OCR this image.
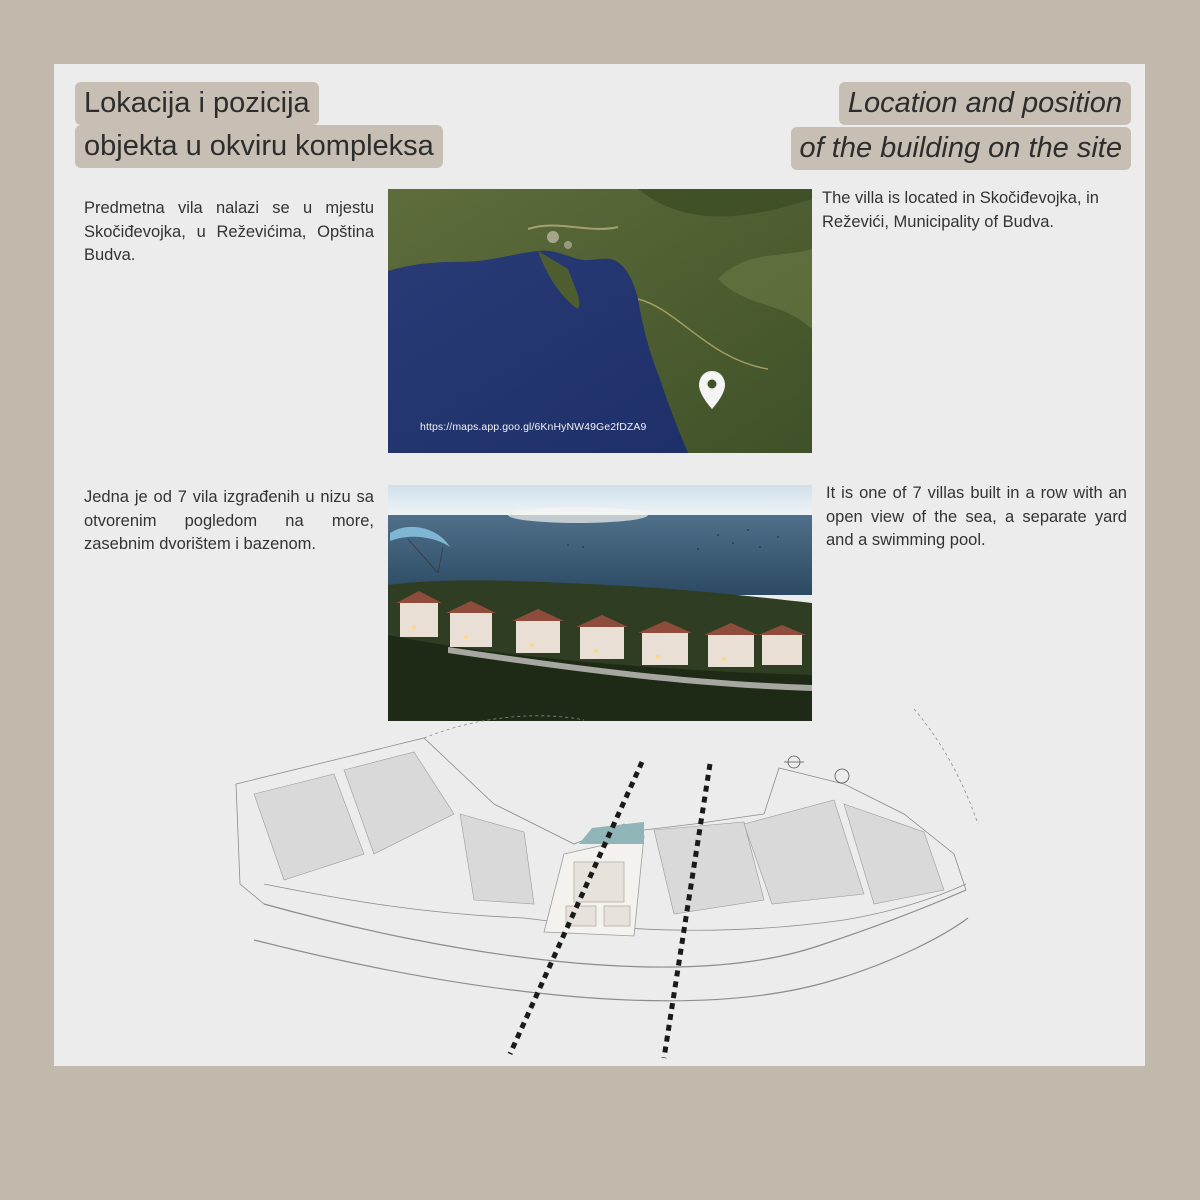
Lokacija i pozicija
objekta u okviru kompleksa
Location and position
of the building on the site
Predmetna vila nalazi se u mjestu Skočiđevojka, u Reževićima, Opština Budva.
The villa is located in Skočiđevojka, in Reževići, Municipality of Budva.
https://maps.app.goo.gl/6KnHyNW49Ge2fDZA9
Jedna je od 7 vila izgrađenih u nizu sa otvorenim pogledom na more, zasebnim dvorištem i bazenom.
It is one of 7 villas built in a row with an open view of the sea, a separate yard and a swimming pool.
